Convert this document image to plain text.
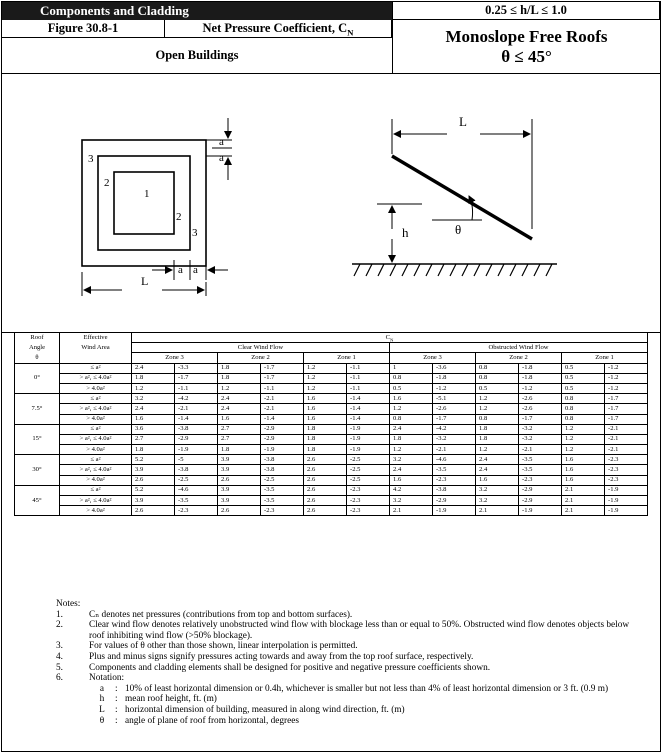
Components and Cladding	0.25 ≤ h/L ≤ 1.0
Figure 30.8-1	Net Pressure Coefficient, $C_N$	Monoslope Free Roofs
θ ≤ 45°
Open Buildings
3
2
1
2
3
a
a
a a
L
L
h	θ
Roof	Effective	$C_N$
Angle	Wind Area	Clear Wind Flow						Obstructed Wind Flow					
θ		Zone 3		Zone 2		Zone 1		Zone 3		Zone 2		Zone 1	
0°	≤ a²	2.4	-3.3	1.8	-1.7	1.2	-1.1	1	-3.6	0.8	-1.8	0.5	-1.2
	> a², ≤ 4.0a²	1.8	-1.7	1.8	-1.7	1.2	-1.1	0.8	-1.8	0.8	-1.8	0.5	-1.2
	> 4.0a²	1.2	-1.1	1.2	-1.1	1.2	-1.1	0.5	-1.2	0.5	-1.2	0.5	-1.2
7.5°	≤ a²	3.2	-4.2	2.4	-2.1	1.6	-1.4	1.6	-5.1	1.2	-2.6	0.8	-1.7
	> a², ≤ 4.0a²	2.4	-2.1	2.4	-2.1	1.6	-1.4	1.2	-2.6	1.2	-2.6	0.8	-1.7
	> 4.0a²	1.6	-1.4	1.6	-1.4	1.6	-1.4	0.8	-1.7	0.8	-1.7	0.8	-1.7
15°	≤ a²	3.6	-3.8	2.7	-2.9	1.8	-1.9	2.4	-4.2	1.8	-3.2	1.2	-2.1
	> a², ≤ 4.0a²	2.7	-2.9	2.7	-2.9	1.8	-1.9	1.8	-3.2	1.8	-3.2	1.2	-2.1
	> 4.0a²	1.8	-1.9	1.8	-1.9	1.8	-1.9	1.2	-2.1	1.2	-2.1	1.2	-2.1
30°	≤ a²	5.2	-5	3.9	-3.8	2.6	-2.5	3.2	-4.6	2.4	-3.5	1.6	-2.3
	> a², ≤ 4.0a²	3.9	-3.8	3.9	-3.8	2.6	-2.5	2.4	-3.5	2.4	-3.5	1.6	-2.3
	> 4.0a²	2.6	-2.5	2.6	-2.5	2.6	-2.5	1.6	-2.3	1.6	-2.3	1.6	-2.3
45°	≤ a²	5.2	-4.6	3.9	-3.5	2.6	-2.3	4.2	-3.8	3.2	-2.9	2.1	-1.9
	> a², ≤ 4.0a²	3.9	-3.5	3.9	-3.5	2.6	-2.3	3.2	-2.9	3.2	-2.9	2.1	-1.9
	> 4.0a²	2.6	-2.3	2.6	-2.3	2.6	-2.3	2.1	-1.9	2.1	-1.9	2.1	-1.9
Notes:
1.	Cₙ denotes net pressures (contributions from top and bottom surfaces).
2.	Clear wind flow denotes relatively unobstructed wind flow with blockage less than or equal to 50%. Obstructed wind flow denotes objects below roof inhibiting wind flow (>50% blockage).
3.	For values of θ other than those shown, linear interpolation is permitted.
4.	Plus and minus signs signify pressures acting towards and away from the top roof surface, respectively.
5.	Components and cladding elements shall be designed for positive and negative pressure coefficients shown.
6.	Notation:
a	: 10% of least horizontal dimension or 0.4h, whichever is smaller but not less than 4% of least horizontal dimension or 3 ft. (0.9 m)
h	: mean roof height, ft. (m)
L	: horizontal dimension of building, measured in along wind direction, ft. (m)
θ	: angle of plane of roof from horizontal, degrees
